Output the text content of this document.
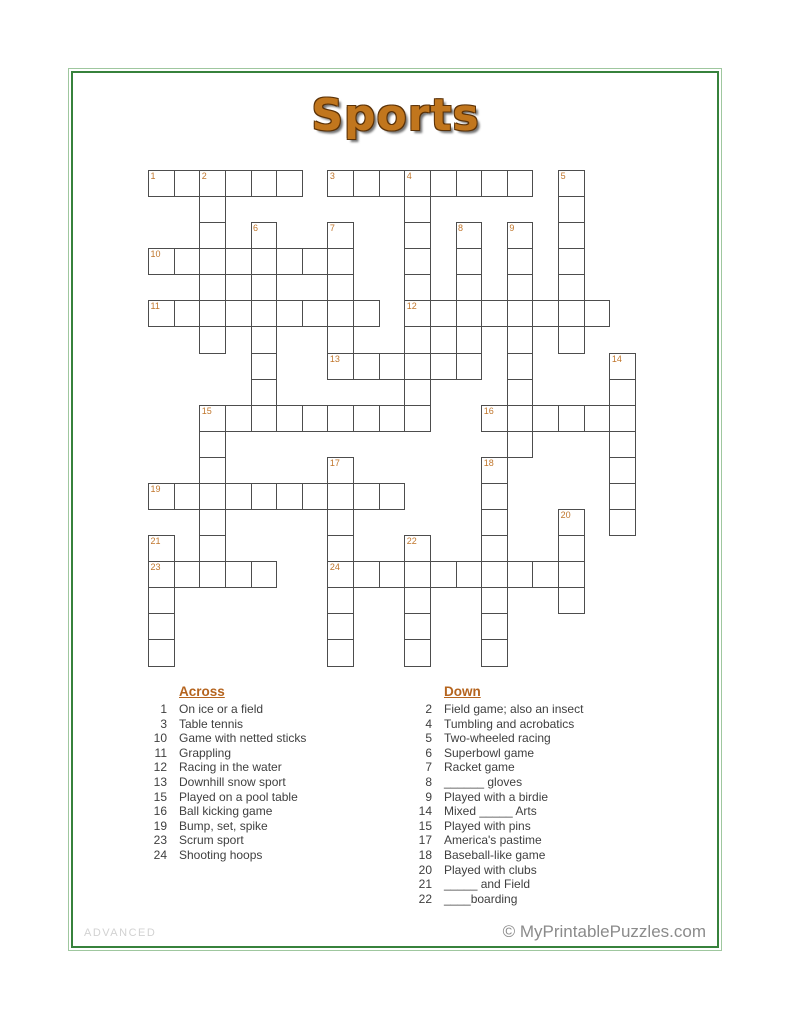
Sports
1	2	3	4	5
6	7	8	9
10
11	12
13	14
15	16
17	18
19
20
21	22
23	24
Across
1 On ice or a field
3 Table tennis
10 Game with netted sticks
11 Grappling
12 Racing in the water
13 Downhill snow sport
15 Played on a pool table
16 Ball kicking game
19 Bump, set, spike
23 Scrum sport
24 Shooting hoops
Down
2 Field game; also an insect
4 Tumbling and acrobatics
5 Two-wheeled racing
6 Superbowl game
7 Racket game
8 ______ gloves
9 Played with a birdie
14 Mixed _____ Arts
15 Played with pins
17 America's pastime
18 Baseball-like game
20 Played with clubs
21 _____ and Field
22 ____boarding
ADVANCED	© MyPrintablePuzzles.com
